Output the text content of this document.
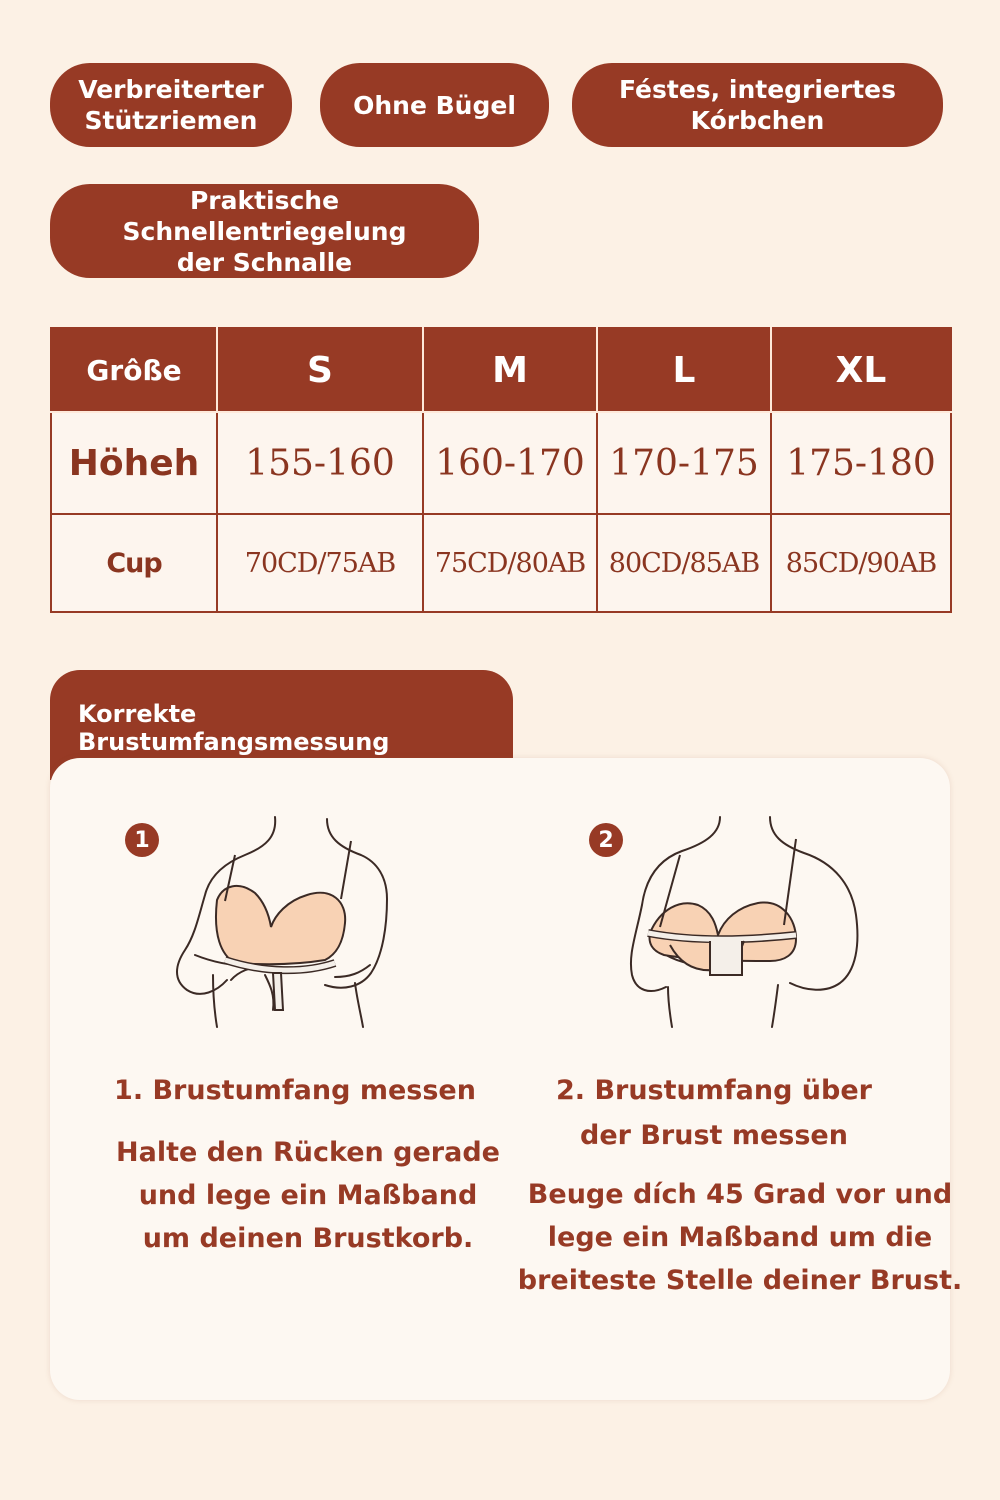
Verbreiterter
Stützriemen
Ohne Bügel
Féstes, integriertes
Kórbchen
Praktische Schnellentriegelung
der Schnalle
Grôße	S	M	L	XL
Höheh	155-160	160-170	170-175	175-180
Cup	70CD/75AB	75CD/80AB	80CD/85AB	85CD/90AB
Korrekte Brustumfangsmessung
1
1. Brustumfang messen
Halte den Rücken gerade
und lege ein Maßband
um deinen Brustkorb.
2
2. Brustumfang über
der Brust messen
Beuge dích 45 Grad vor und
lege ein Maßband um die
breiteste Stelle deiner Brust.
